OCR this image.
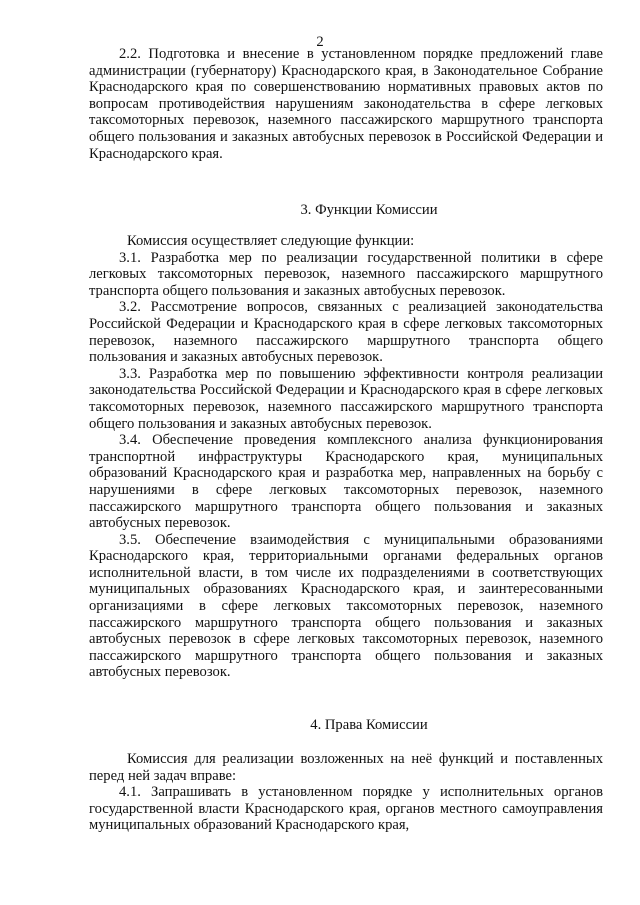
2

2.2. Подготовка и внесение в установленном порядке предложений главе администрации (губернатору) Краснодарского края, в Законодательное Собрание Краснодарского края по совершенствованию нормативных правовых актов по вопросам противодействия нарушениям законодательства в сфере легковых таксомоторных перевозок, наземного пассажирского маршрутного транспорта общего пользования и заказных автобусных перевозок в Российской Федерации и Краснодарского края.

3. Функции Комиссии

Комиссия осуществляет следующие функции:

3.1. Разработка мер по реализации государственной политики в сфере легковых таксомоторных перевозок, наземного пассажирского маршрутного транспорта общего пользования и заказных автобусных перевозок.

3.2. Рассмотрение вопросов, связанных с реализацией законодательства Российской Федерации и Краснодарского края в сфере легковых таксомоторных перевозок, наземного пассажирского маршрутного транспорта общего пользования и заказных автобусных перевозок.

3.3. Разработка мер по повышению эффективности контроля реализации законодательства Российской Федерации и Краснодарского края в сфере легковых таксомоторных перевозок, наземного пассажирского маршрутного транспорта общего пользования и заказных автобусных перевозок.

3.4. Обеспечение проведения комплексного анализа функционирования транспортной инфраструктуры Краснодарского края, муниципальных образований Краснодарского края и разработка мер, направленных на борьбу с нарушениями в сфере легковых таксомоторных перевозок, наземного пассажирского маршрутного транспорта общего пользования и заказных автобусных перевозок.

3.5. Обеспечение взаимодействия с муниципальными образованиями Краснодарского края, территориальными органами федеральных органов исполнительной власти, в том числе их подразделениями в соответствующих муниципальных образованиях Краснодарского края, и заинтересованными организациями в сфере легковых таксомоторных перевозок, наземного пассажирского маршрутного транспорта общего пользования и заказных автобусных перевозок в сфере легковых таксомоторных перевозок, наземного пассажирского маршрутного транспорта общего пользования и заказных автобусных перевозок.

4. Права Комиссии

Комиссия для реализации возложенных на неё функций и поставленных перед ней задач вправе:

4.1. Запрашивать в установленном порядке у исполнительных органов государственной власти Краснодарского края, органов местного самоуправления муниципальных образований Краснодарского края,
